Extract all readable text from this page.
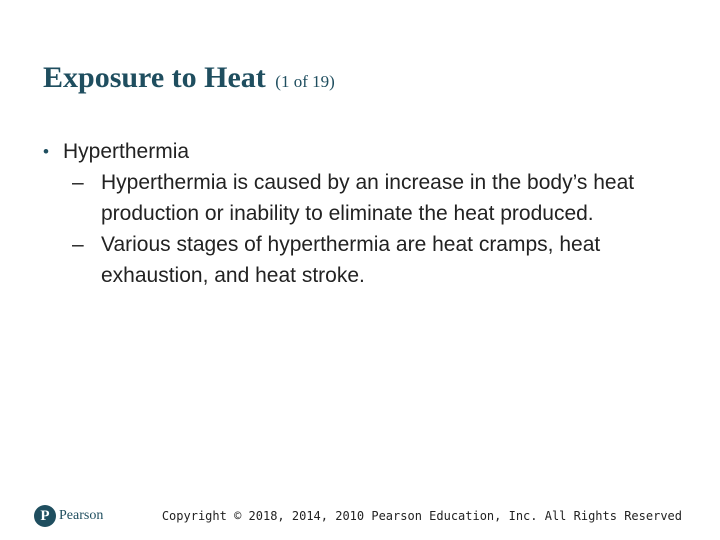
Exposure to Heat (1 of 19)
• Hyperthermia
– Hyperthermia is caused by an increase in the body’s heat production or inability to eliminate the heat produced.
– Various stages of hyperthermia are heat cramps, heat exhaustion, and heat stroke.
P Pearson	Copyright © 2018, 2014, 2010 Pearson Education, Inc. All Rights Reserved
